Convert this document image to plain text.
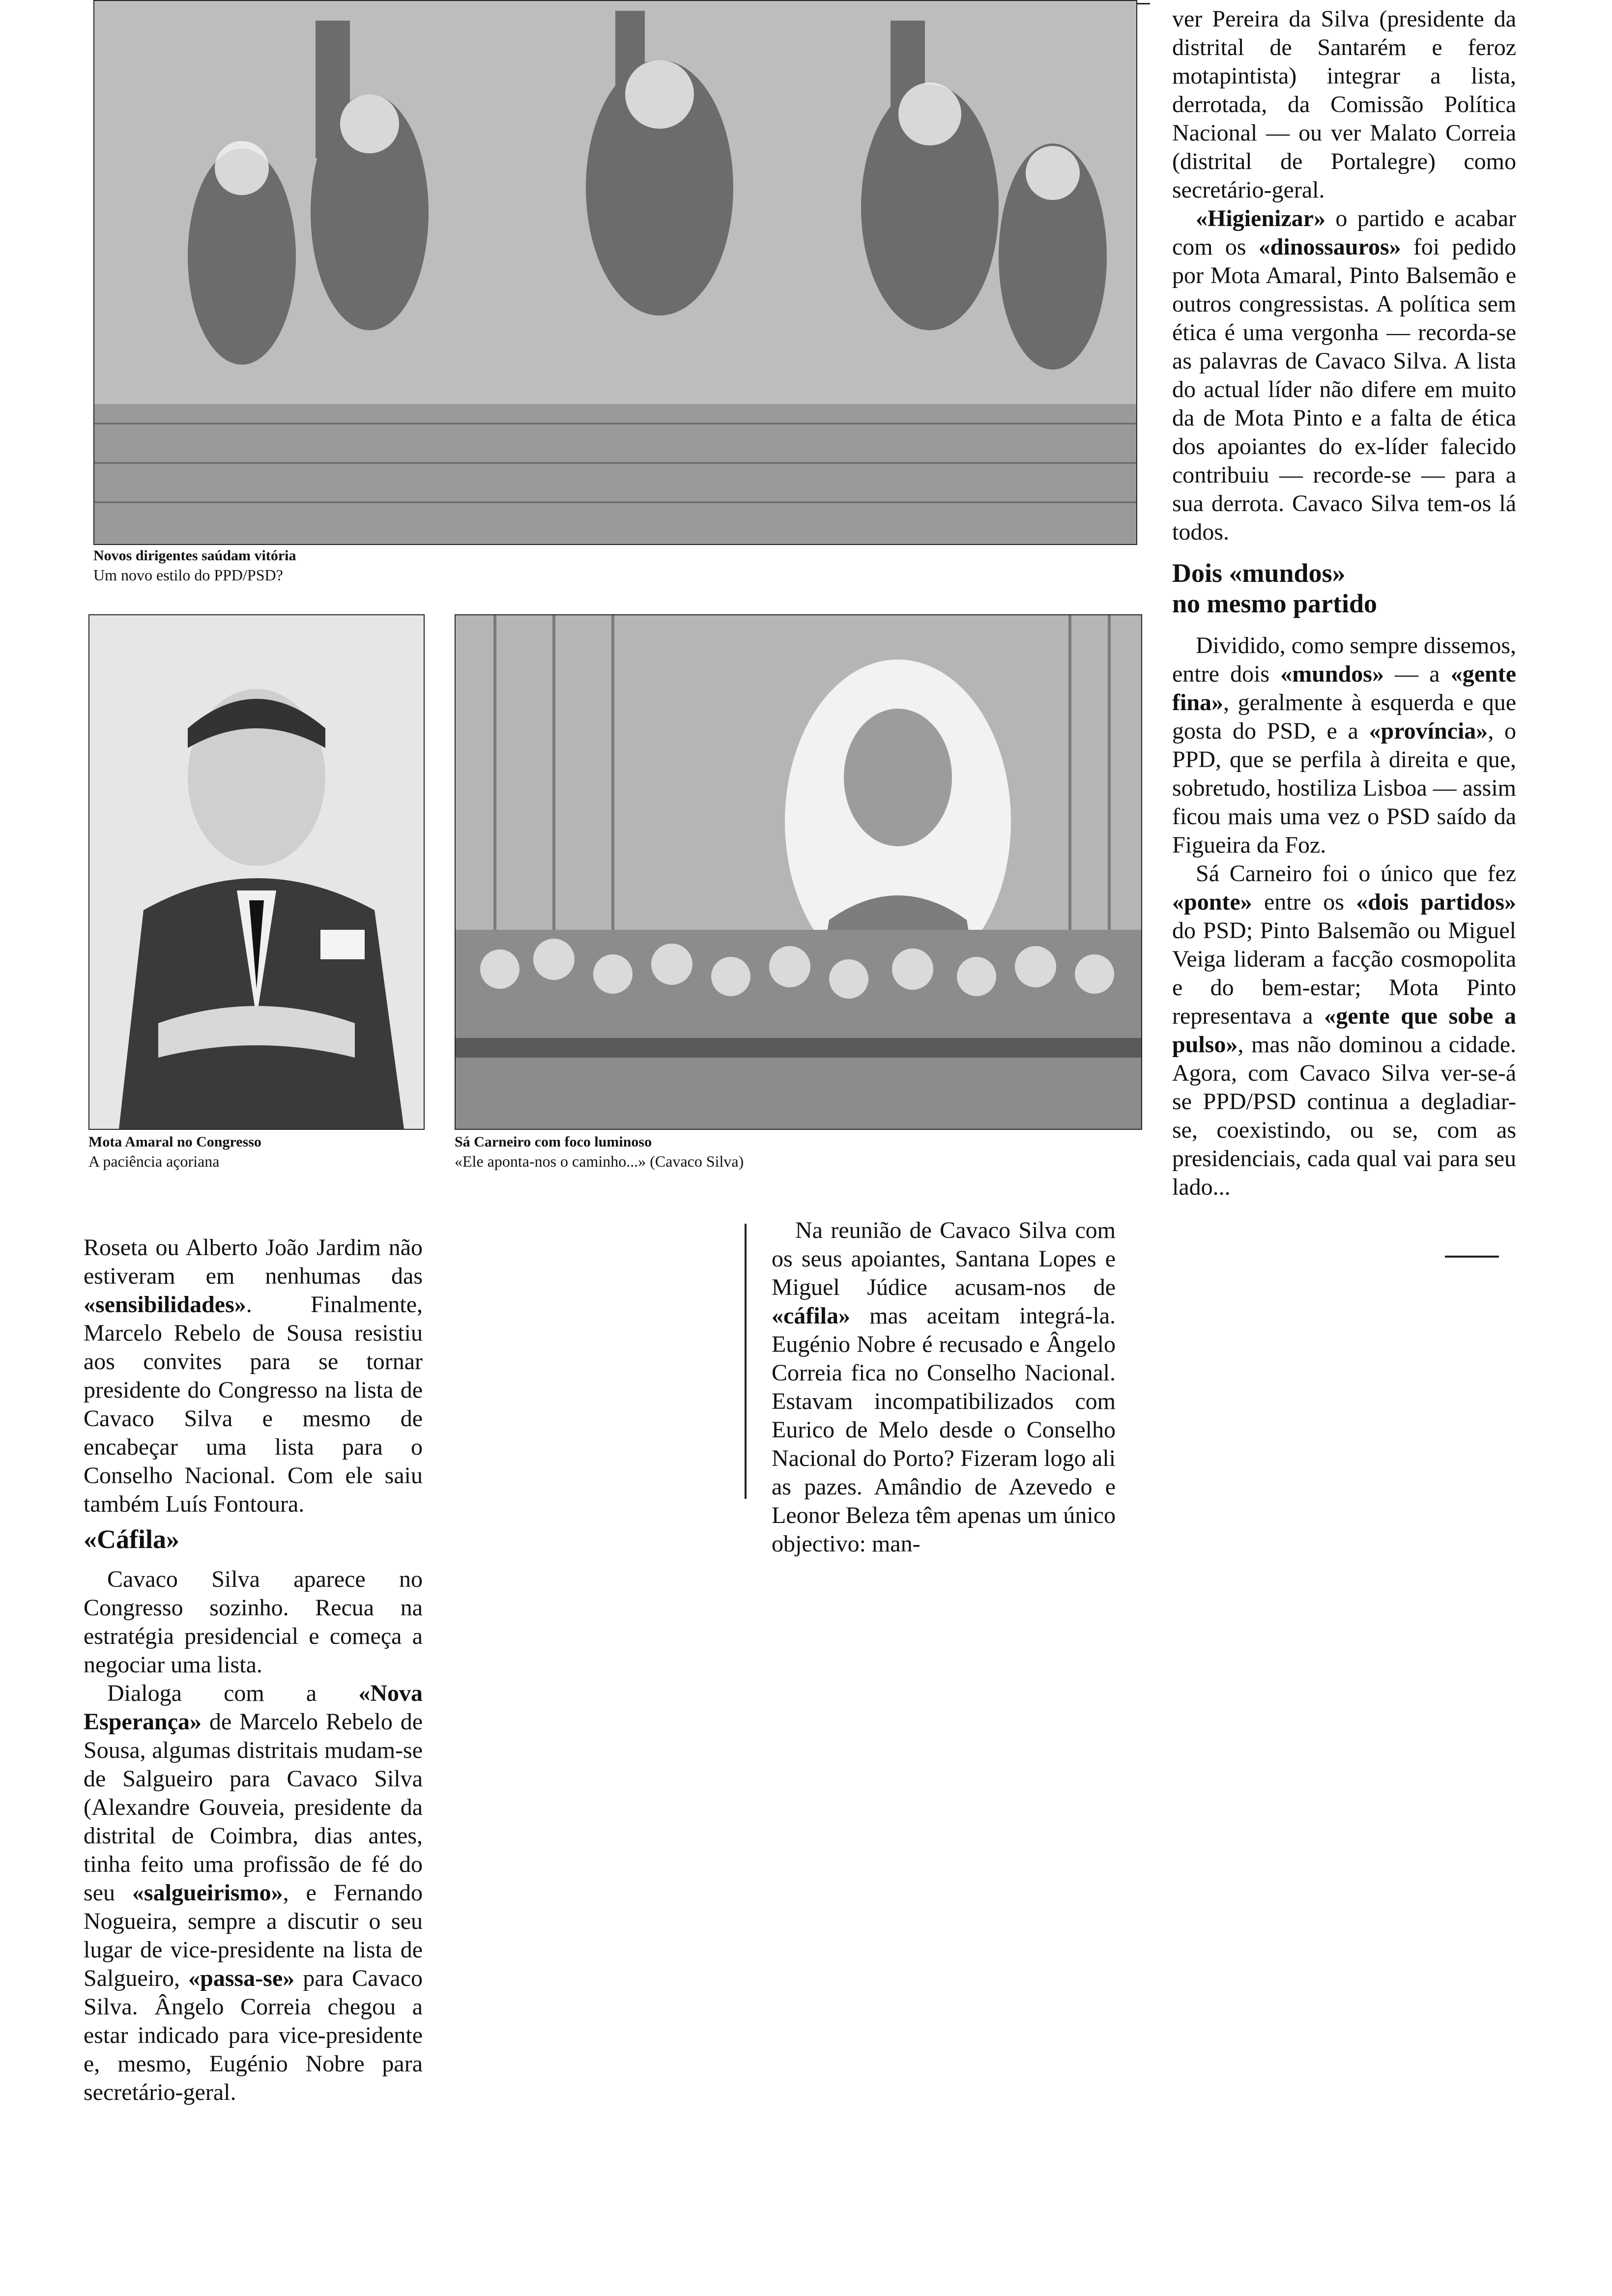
Novos dirigentes saúdam vitória
Um novo estilo do PPD/PSD?
Mota Amaral no Congresso
A paciência açoriana
Sá Carneiro com foco luminoso
«Ele aponta-nos o caminho...» (Cavaco Silva)

ver Pereira da Silva (presidente da distrital de Santarém e feroz motapintista) integrar a lista, derrotada, da Comissão Política Nacional — ou ver Malato Correia (distrital de Portalegre) como secretário-geral.

«Higienizar» o partido e acabar com os «dinossauros» foi pedido por Mota Amaral, Pinto Balsemão e outros congressistas. A política sem ética é uma vergonha — recorda-se as palavras de Cavaco Silva. A lista do actual líder não difere em muito da de Mota Pinto e a falta de ética dos apoiantes do ex-líder falecido contribuiu — recorde-se — para a sua derrota. Cavaco Silva tem-os lá todos.

Dois «mundos»
no mesmo partido

Dividido, como sempre dissemos, entre dois «mundos» — a «gente fina», geralmente à esquerda e que gosta do PSD, e a «província», o PPD, que se perfila à direita e que, sobretudo, hostiliza Lisboa — assim ficou mais uma vez o PSD saído da Figueira da Foz.

Sá Carneiro foi o único que fez «ponte» entre os «dois partidos» do PSD; Pinto Balsemão ou Miguel Veiga lideram a facção cosmopolita e do bem-estar; Mota Pinto representava a «gente que sobe a pulso», mas não dominou a cidade. Agora, com Cavaco Silva ver-se-á se PPD/PSD continua a degladiar-se, coexistindo, ou se, com as presidenciais, cada qual vai para seu lado...

Roseta ou Alberto João Jardim não estiveram em nenhumas das «sensibilidades». Finalmente, Marcelo Rebelo de Sousa resistiu aos convites para se tornar presidente do Congresso na lista de Cavaco Silva e mesmo de encabeçar uma lista para o Conselho Nacional. Com ele saiu também Luís Fontoura.

«Cáfila»

Cavaco Silva aparece no Congresso sozinho. Recua na estratégia presidencial e começa a negociar uma lista.

Dialoga com a «Nova Esperança» de Marcelo Rebelo de Sousa, algumas distritais mudam-se de Salgueiro para Cavaco Silva (Alexandre Gouveia, presidente da distrital de Coimbra, dias antes, tinha feito uma profissão de fé do seu «salgueirismo», e Fernando Nogueira, sempre a discutir o seu lugar de vice-presidente na lista de Salgueiro, «passa-se» para Cavaco Silva. Ângelo Correia chegou a estar indicado para vice-presidente e, mesmo, Eugénio Nobre para secretário-geral.

Na reunião de Cavaco Silva com os seus apoiantes, Santana Lopes e Miguel Júdice acusam-nos de «cáfila» mas aceitam integrá-la. Eugénio Nobre é recusado e Ângelo Correia fica no Conselho Nacional. Estavam incompatibilizados com Eurico de Melo desde o Conselho Nacional do Porto? Fizeram logo ali as pazes. Amândio de Azevedo e Leonor Beleza têm apenas um único objectivo: man-
